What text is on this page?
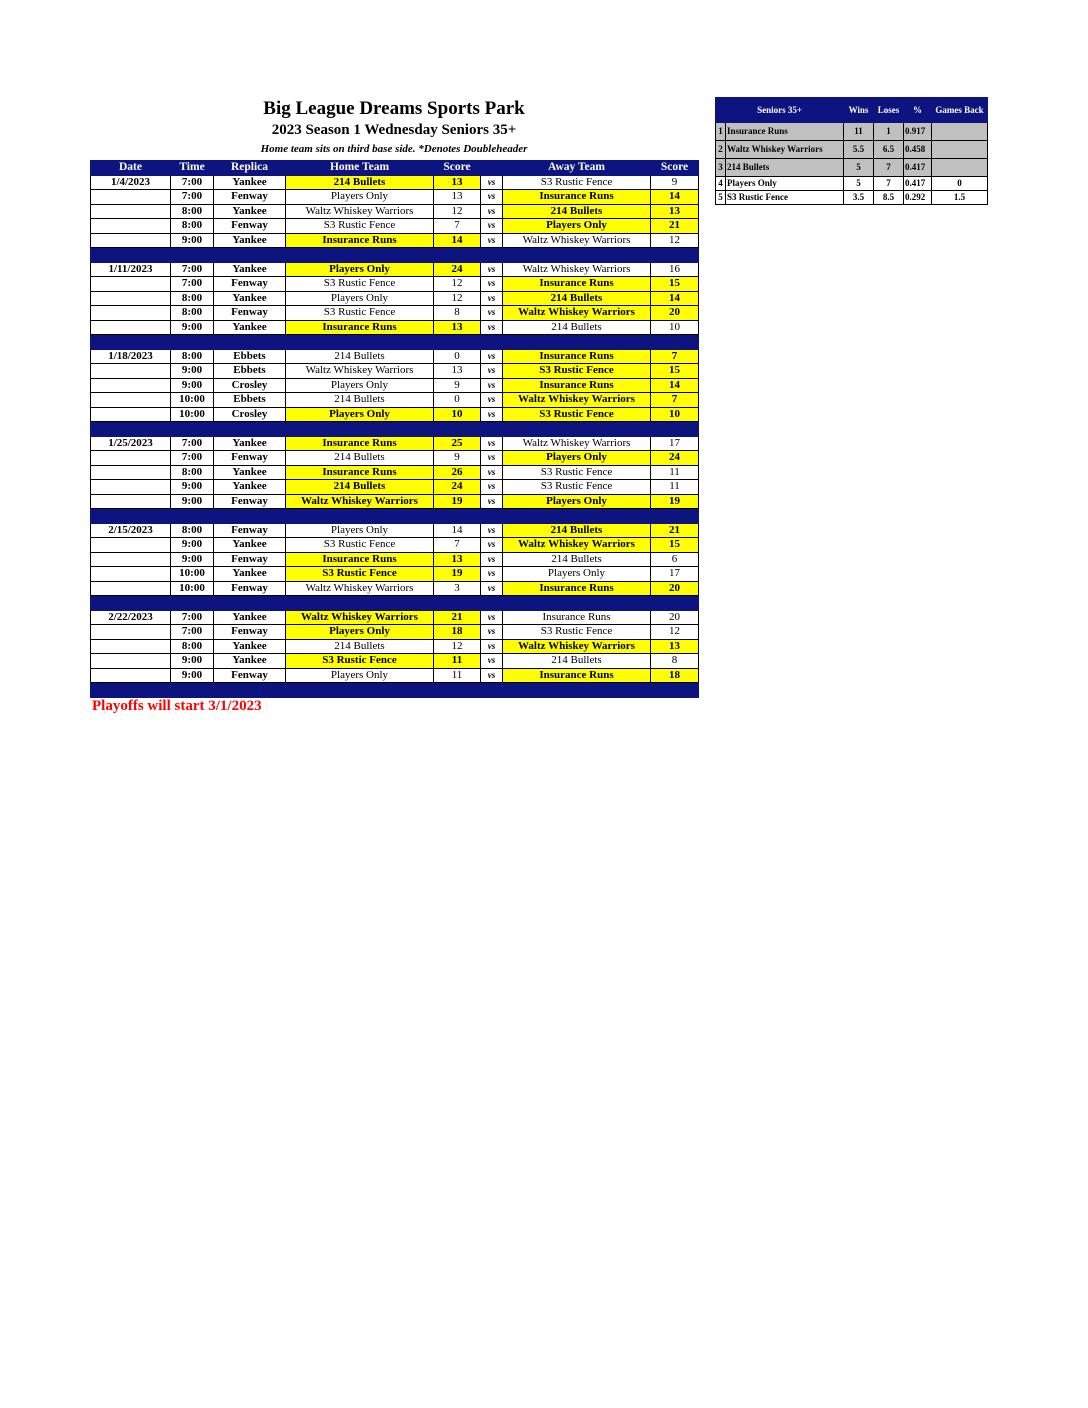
Big League Dreams Sports Park
2023 Season 1 Wednesday Seniors 35+
Home team sits on third base side. *Denotes Doubleheader
Date	Time	Replica	Home Team	Score		Away Team	Score
1/4/2023	7:00	Yankee	214 Bullets	13	vs	S3 Rustic Fence	9
	7:00	Fenway	Players Only	13	vs	Insurance Runs	14
	8:00	Yankee	Waltz Whiskey Warriors	12	vs	214 Bullets	13
	8:00	Fenway	S3 Rustic Fence	7	vs	Players Only	21
	9:00	Yankee	Insurance Runs	14	vs	Waltz Whiskey Warriors	12

1/11/2023	7:00	Yankee	Players Only	24	vs	Waltz Whiskey Warriors	16
	7:00	Fenway	S3 Rustic Fence	12	vs	Insurance Runs	15
	8:00	Yankee	Players Only	12	vs	214 Bullets	14
	8:00	Fenway	S3 Rustic Fence	8	vs	Waltz Whiskey Warriors	20
	9:00	Yankee	Insurance Runs	13	vs	214 Bullets	10

1/18/2023	8:00	Ebbets	214 Bullets	0	vs	Insurance Runs	7
	9:00	Ebbets	Waltz Whiskey Warriors	13	vs	S3 Rustic Fence	15
	9:00	Crosley	Players Only	9	vs	Insurance Runs	14
	10:00	Ebbets	214 Bullets	0	vs	Waltz Whiskey Warriors	7
	10:00	Crosley	Players Only	10	vs	S3 Rustic Fence	10

1/25/2023	7:00	Yankee	Insurance Runs	25	vs	Waltz Whiskey Warriors	17
	7:00	Fenway	214 Bullets	9	vs	Players Only	24
	8:00	Yankee	Insurance Runs	26	vs	S3 Rustic Fence	11
	9:00	Yankee	214 Bullets	24	vs	S3 Rustic Fence	11
	9:00	Fenway	Waltz Whiskey Warriors	19	vs	Players Only	19

2/15/2023	8:00	Fenway	Players Only	14	vs	214 Bullets	21
	9:00	Yankee	S3 Rustic Fence	7	vs	Waltz Whiskey Warriors	15
	9:00	Fenway	Insurance Runs	13	vs	214 Bullets	6
	10:00	Yankee	S3 Rustic Fence	19	vs	Players Only	17
	10:00	Fenway	Waltz Whiskey Warriors	3	vs	Insurance Runs	20

2/22/2023	7:00	Yankee	Waltz Whiskey Warriors	21	vs	Insurance Runs	20
	7:00	Fenway	Players Only	18	vs	S3 Rustic Fence	12
	8:00	Yankee	214 Bullets	12	vs	Waltz Whiskey Warriors	13
	9:00	Yankee	S3 Rustic Fence	11	vs	214 Bullets	8
	9:00	Fenway	Players Only	11	vs	Insurance Runs	18

Playoffs will start 3/1/2023
Seniors 35+		Wins	Loses	%	Games Back
1	Insurance Runs	11	1	0.917	
2	Waltz Whiskey Warriors	5.5	6.5	0.458	
3	214 Bullets	5	7	0.417	
4	Players Only	5	7	0.417	0
5	S3 Rustic Fence	3.5	8.5	0.292	1.5
